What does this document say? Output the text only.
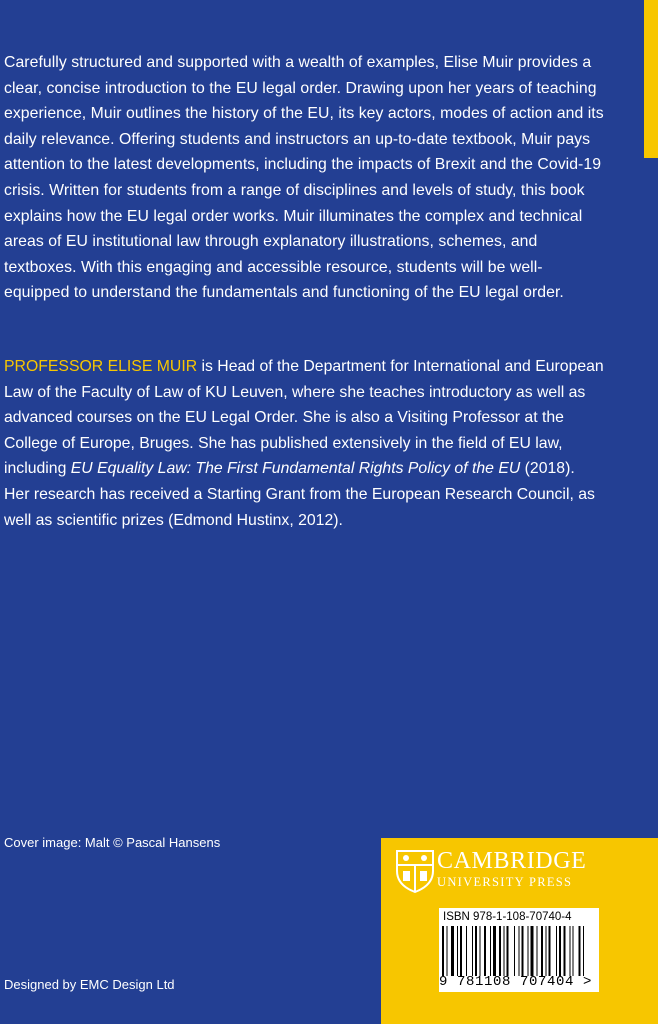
Carefully structured and supported with a wealth of examples, Elise Muir provides a clear, concise introduction to the EU legal order. Drawing upon her years of teaching experience, Muir outlines the history of the EU, its key actors, modes of action and its daily relevance. Offering students and instructors an up-to-date textbook, Muir pays attention to the latest developments, including the impacts of Brexit and the Covid-19 crisis. Written for students from a range of disciplines and levels of study, this book explains how the EU legal order works. Muir illuminates the complex and technical areas of EU institutional law through explanatory illustrations, schemes, and textboxes. With this engaging and accessible resource, students will be well-equipped to understand the fundamentals and functioning of the EU legal order.

PROFESSOR ELISE MUIR is Head of the Department for International and European Law of the Faculty of Law of KU Leuven, where she teaches introductory as well as advanced courses on the EU Legal Order. She is also a Visiting Professor at the College of Europe, Bruges. She has published extensively in the field of EU law, including EU Equality Law: The First Fundamental Rights Policy of the EU (2018). Her research has received a Starting Grant from the European Research Council, as well as scientific prizes (Edmond Hustinx, 2012).

Cover image: Malt © Pascal Hansens
Designed by EMC Design Ltd
CAMBRIDGE
UNIVERSITY PRESS
ISBN 978-1-108-70740-4
9 781108 707404 >
